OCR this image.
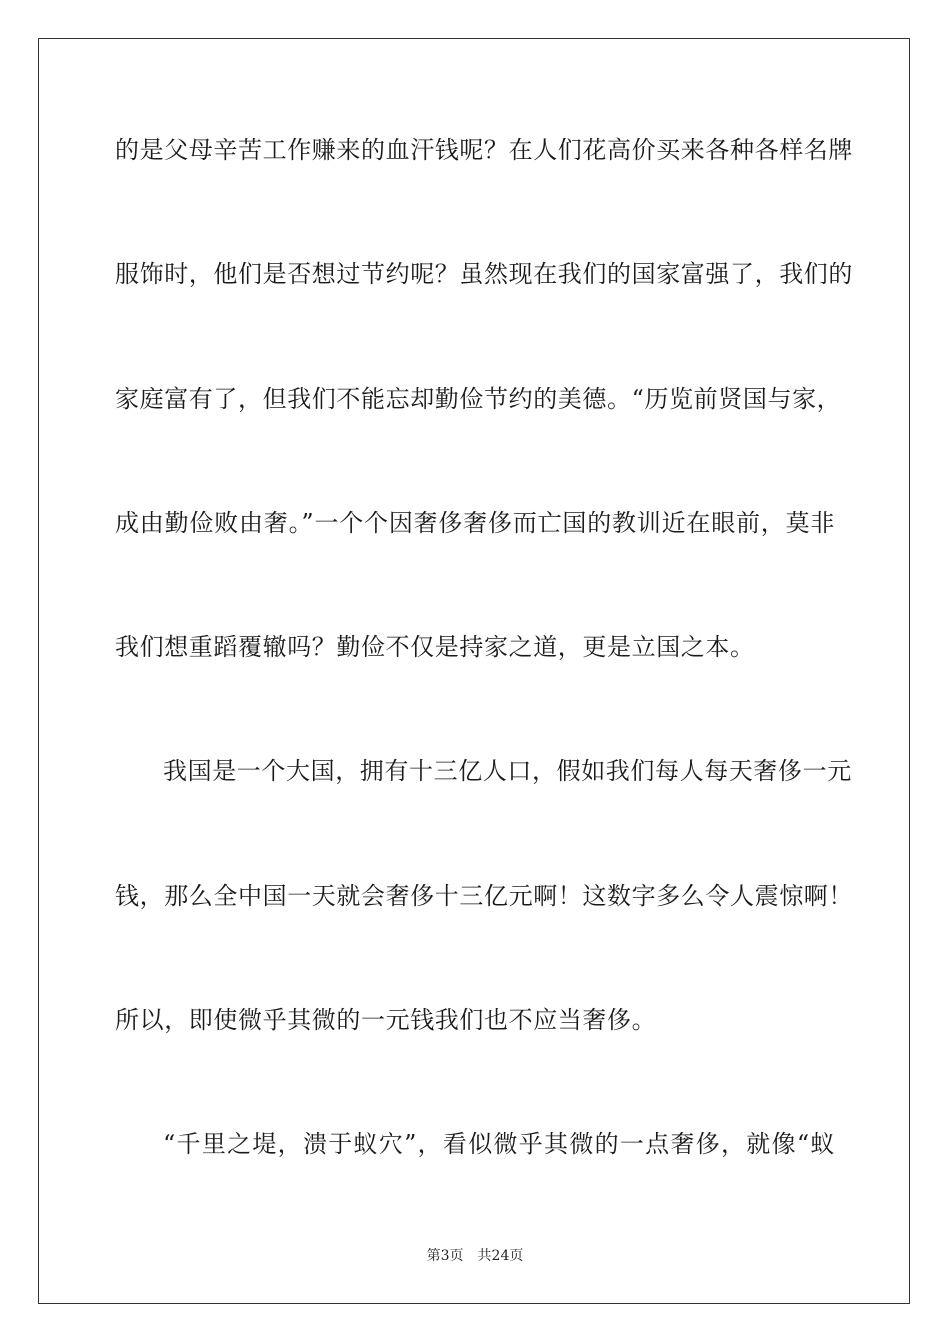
的是父母辛苦工作赚来的血汗钱呢？在人们花高价买来各种各样名牌
服饰时，他们是否想过节约呢？虽然现在我们的国家富强了，我们的
家庭富有了，但我们不能忘却勤俭节约的美德。“历览前贤国与家，
成由勤俭败由奢。”一个个因奢侈奢侈而亡国的教训近在眼前，莫非
我们想重蹈覆辙吗？勤俭不仅是持家之道，更是立国之本。
我国是一个大国，拥有十三亿人口，假如我们每人每天奢侈一元
钱，那么全中国一天就会奢侈十三亿元啊！这数字多么令人震惊啊！
所以，即使微乎其微的一元钱我们也不应当奢侈。
“千里之堤，溃于蚁穴”，看似微乎其微的一点奢侈，就像“蚁
第3页 共24页
